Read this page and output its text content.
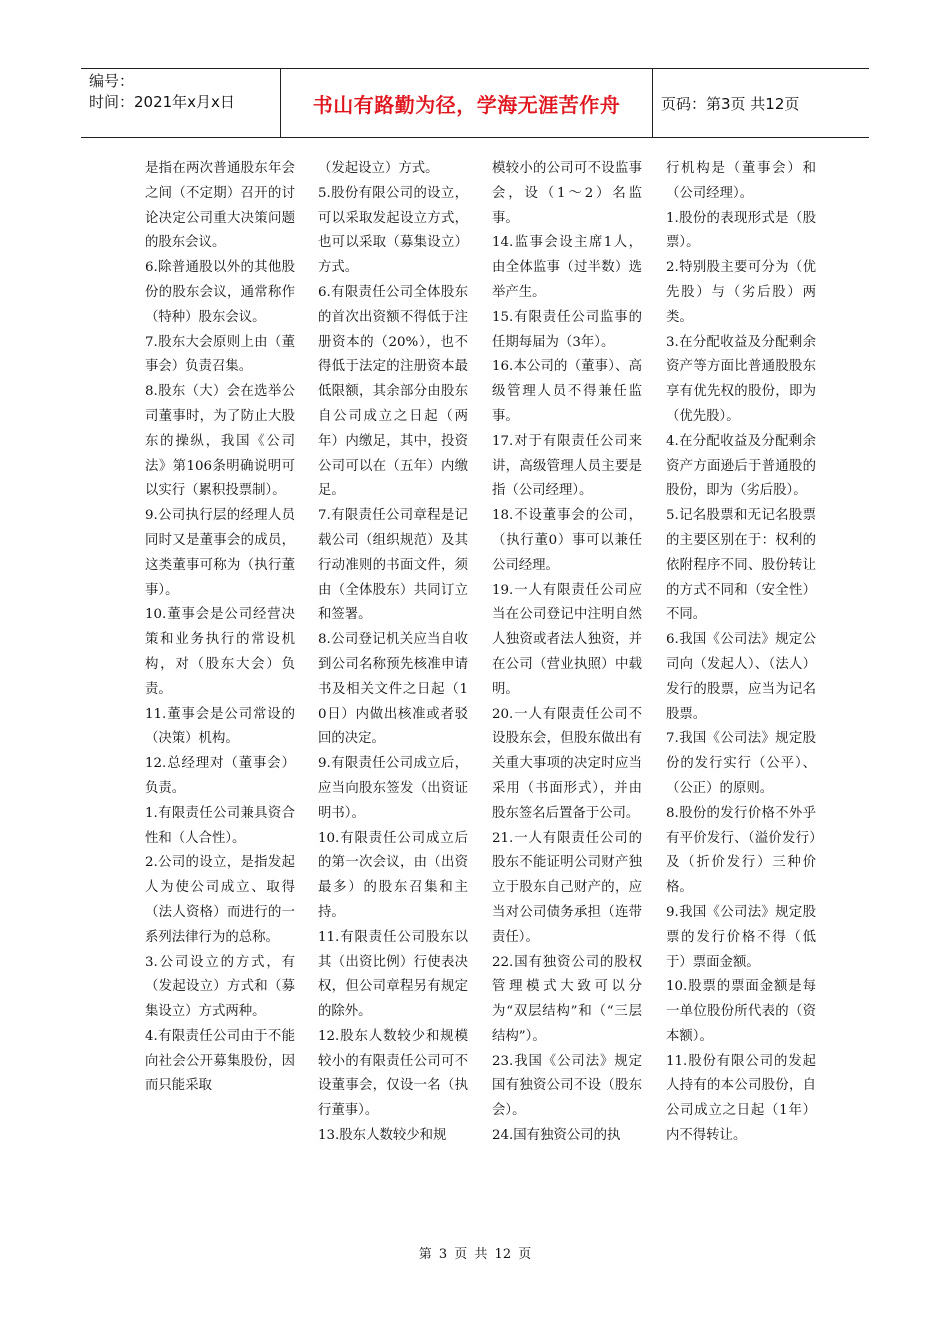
编号：
时间：2021年x月x日	书山有路勤为径，学海无涯苦作舟	页码：第3页 共12页

是指在两次普通股东年会之间（不定期）召开的讨论决定公司重大决策问题的股东会议。

6.除普通股以外的其他股份的股东会议，通常称作（特种）股东会议。

7.股东大会原则上由（董事会）负责召集。

8.股东（大）会在选举公司董事时，为了防止大股东的操纵，我国《公司法》第106条明确说明可以实行（累积投票制）。

9.公司执行层的经理人员同时又是董事会的成员，这类董事可称为（执行董事）。

10.董事会是公司经营决策和业务执行的常设机构，对（股东大会）负责。

11.董事会是公司常设的（决策）机构。

12.总经理对（董事会）负责。

1.有限责任公司兼具资合性和（人合性）。

2.公司的设立，是指发起人为使公司成立、取得（法人资格）而进行的一系列法律行为的总称。

3.公司设立的方式，有（发起设立）方式和（募集设立）方式两种。

4.有限责任公司由于不能向社会公开募集股份，因而只能采取

（发起设立）方式。

5.股份有限公司的设立，可以采取发起设立方式，也可以采取（募集设立）方式。

6.有限责任公司全体股东的首次出资额不得低于注册资本的（20%），也不得低于法定的注册资本最低限额，其余部分由股东自公司成立之日起（两年）内缴足，其中，投资公司可以在（五年）内缴足。

7.有限责任公司章程是记载公司（组织规范）及其行动准则的书面文件，须由（全体股东）共同订立和签署。

8.公司登记机关应当自收到公司名称预先核准申请书及相关文件之日起（10日）内做出核准或者驳回的决定。

9.有限责任公司成立后，应当向股东签发（出资证明书）。

10.有限责任公司成立后的第一次会议，由（出资最多）的股东召集和主持。

11.有限责任公司股东以其（出资比例）行使表决权，但公司章程另有规定的除外。

12.股东人数较少和规模较小的有限责任公司可不设董事会，仅设一名（执行董事）。

13.股东人数较少和规

模较小的公司可不设监事会，设（1～2）名监事。

14.监事会设主席1人，由全体监事（过半数）选举产生。

15.有限责任公司监事的任期每届为（3年）。

16.本公司的（董事）、高级管理人员不得兼任监事。

17.对于有限责任公司来讲，高级管理人员主要是指（公司经理）。

18.不设董事会的公司，（执行董0）事可以兼任公司经理。

19.一人有限责任公司应当在公司登记中注明自然人独资或者法人独资，并在公司（营业执照）中载明。

20.一人有限责任公司不设股东会，但股东做出有关重大事项的决定时应当采用（书面形式），并由股东签名后置备于公司。

21.一人有限责任公司的股东不能证明公司财产独立于股东自己财产的，应当对公司债务承担（连带责任）。

22.国有独资公司的股权管理模式大致可以分为“双层结构”和（“三层结构”）。

23.我国《公司法》规定国有独资公司不设（股东会）。

24.国有独资公司的执

行机构是（董事会）和（公司经理）。

1.股份的表现形式是（股票）。

2.特别股主要可分为（优先股）与（劣后股）两类。

3.在分配收益及分配剩余资产等方面比普通股股东享有优先权的股份，即为（优先股）。

4.在分配收益及分配剩余资产方面逊后于普通股的股份，即为（劣后股）。

5.记名股票和无记名股票的主要区别在于：权利的依附程序不同、股份转让的方式不同和（安全性）不同。

6.我国《公司法》规定公司向（发起人）、（法人）发行的股票，应当为记名股票。

7.我国《公司法》规定股份的发行实行（公平）、（公正）的原则。

8.股份的发行价格不外乎有平价发行、（溢价发行）及（折价发行）三种价格。

9.我国《公司法》规定股票的发行价格不得（低于）票面金额。

10.股票的票面金额是每一单位股份所代表的（资本额）。

11.股份有限公司的发起人持有的本公司股份，自公司成立之日起（1年）内不得转让。

第 3 页 共 12 页
